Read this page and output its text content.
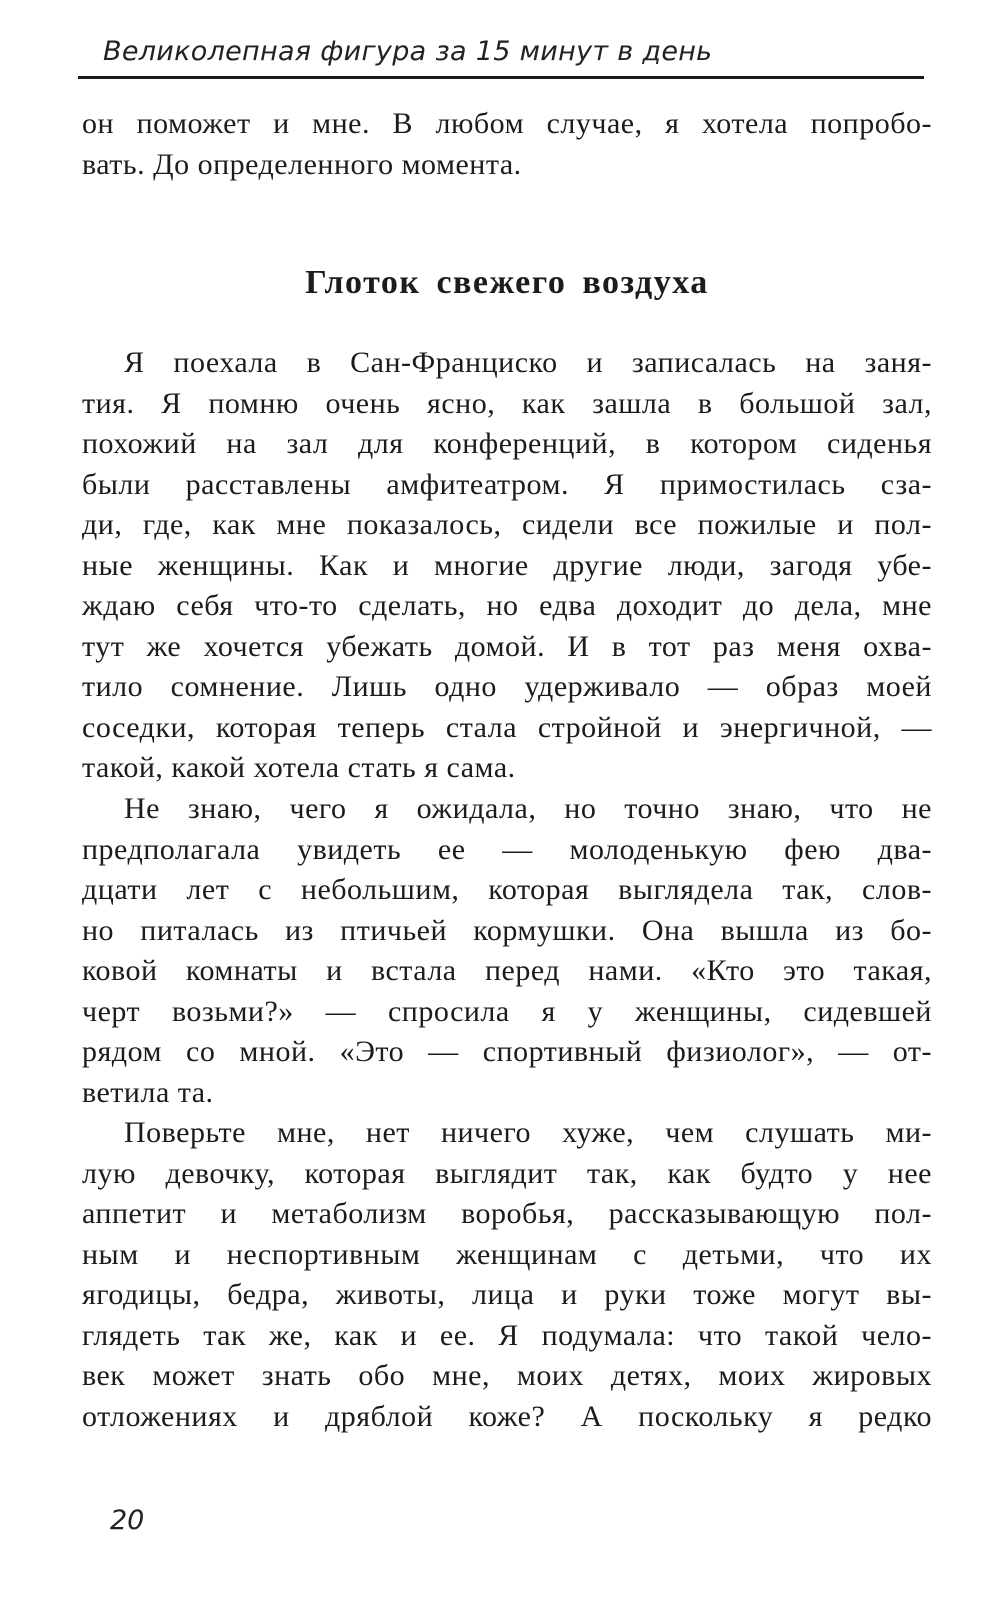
Великолепная фигура за 15 минут в день
он поможет и мне. В любом случае, я хотела попробо-
вать. До определенного момента.
Глоток свежего воздуха
Я поехала в Сан-Франциско и записалась на заня-
тия. Я помню очень ясно, как зашла в большой зал,
похожий на зал для конференций, в котором сиденья
были расставлены амфитеатром. Я примостилась сза-
ди, где, как мне показалось, сидели все пожилые и пол-
ные женщины. Как и многие другие люди, загодя убе-
ждаю себя что-то сделать, но едва доходит до дела, мне
тут же хочется убежать домой. И в тот раз меня охва-
тило сомнение. Лишь одно удерживало — образ моей
соседки, которая теперь стала стройной и энергичной, —
такой, какой хотела стать я сама.
Не знаю, чего я ожидала, но точно знаю, что не
предполагала увидеть ее — молоденькую фею два-
дцати лет с небольшим, которая выглядела так, слов-
но питалась из птичьей кормушки. Она вышла из бо-
ковой комнаты и встала перед нами. «Кто это такая,
черт возьми?» — спросила я у женщины, сидевшей
рядом со мной. «Это — спортивный физиолог», — от-
ветила та.
Поверьте мне, нет ничего хуже, чем слушать ми-
лую девочку, которая выглядит так, как будто у нее
аппетит и метаболизм воробья, рассказывающую пол-
ным и неспортивным женщинам с детьми, что их
ягодицы, бедра, животы, лица и руки тоже могут вы-
глядеть так же, как и ее. Я подумала: что такой чело-
век может знать обо мне, моих детях, моих жировых
отложениях и дряблой коже? А поскольку я редко
20
